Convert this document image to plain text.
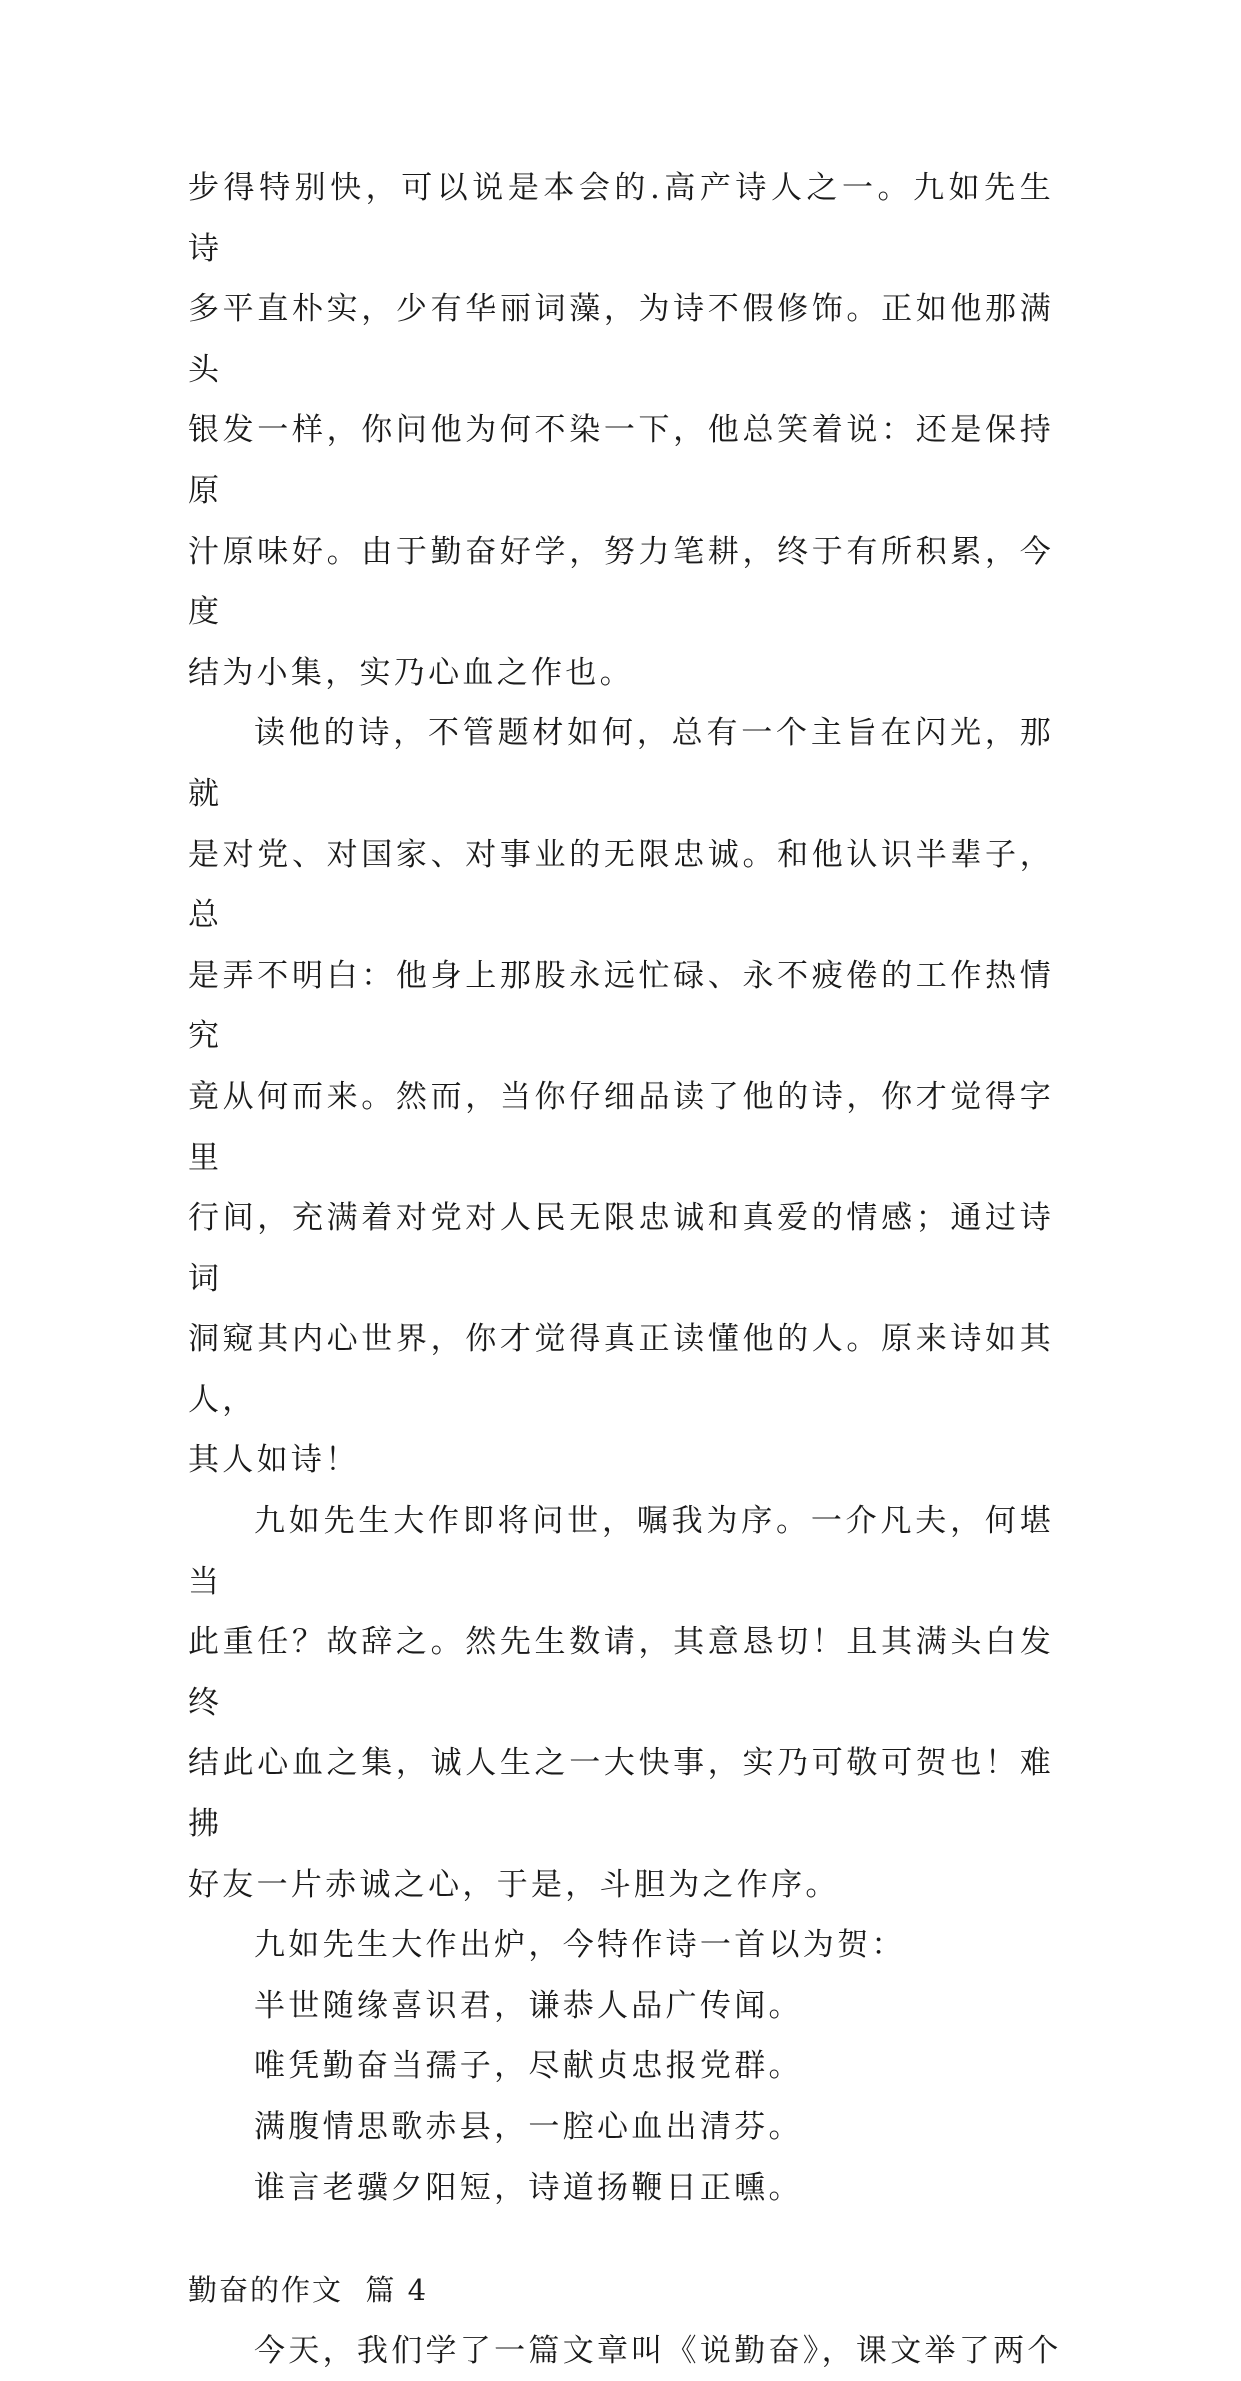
步得特别快，可以说是本会的.高产诗人之一。九如先生诗
多平直朴实，少有华丽词藻，为诗不假修饰。正如他那满头
银发一样，你问他为何不染一下，他总笑着说：还是保持原
汁原味好。由于勤奋好学，努力笔耕，终于有所积累，今度
结为小集，实乃心血之作也。

读他的诗，不管题材如何，总有一个主旨在闪光，那就
是对党、对国家、对事业的无限忠诚。和他认识半辈子，总
是弄不明白：他身上那股永远忙碌、永不疲倦的工作热情究
竟从何而来。然而，当你仔细品读了他的诗，你才觉得字里
行间，充满着对党对人民无限忠诚和真爱的情感；通过诗词
洞窥其内心世界，你才觉得真正读懂他的人。原来诗如其人，
其人如诗！

九如先生大作即将问世，嘱我为序。一介凡夫，何堪当
此重任？故辞之。然先生数请，其意恳切！且其满头白发终
结此心血之集，诚人生之一大快事，实乃可敬可贺也！难拂
好友一片赤诚之心，于是，斗胆为之作序。

九如先生大作出炉，今特作诗一首以为贺：

半世随缘喜识君，谦恭人品广传闻。

唯凭勤奋当孺子，尽献贞忠报党群。

满腹情思歌赤县，一腔心血出清芬。

谁言老骥夕阳短，诗道扬鞭日正曛。

勤奋的作文  篇 4

今天，我们学了一篇文章叫《说勤奋》，课文举了两个
